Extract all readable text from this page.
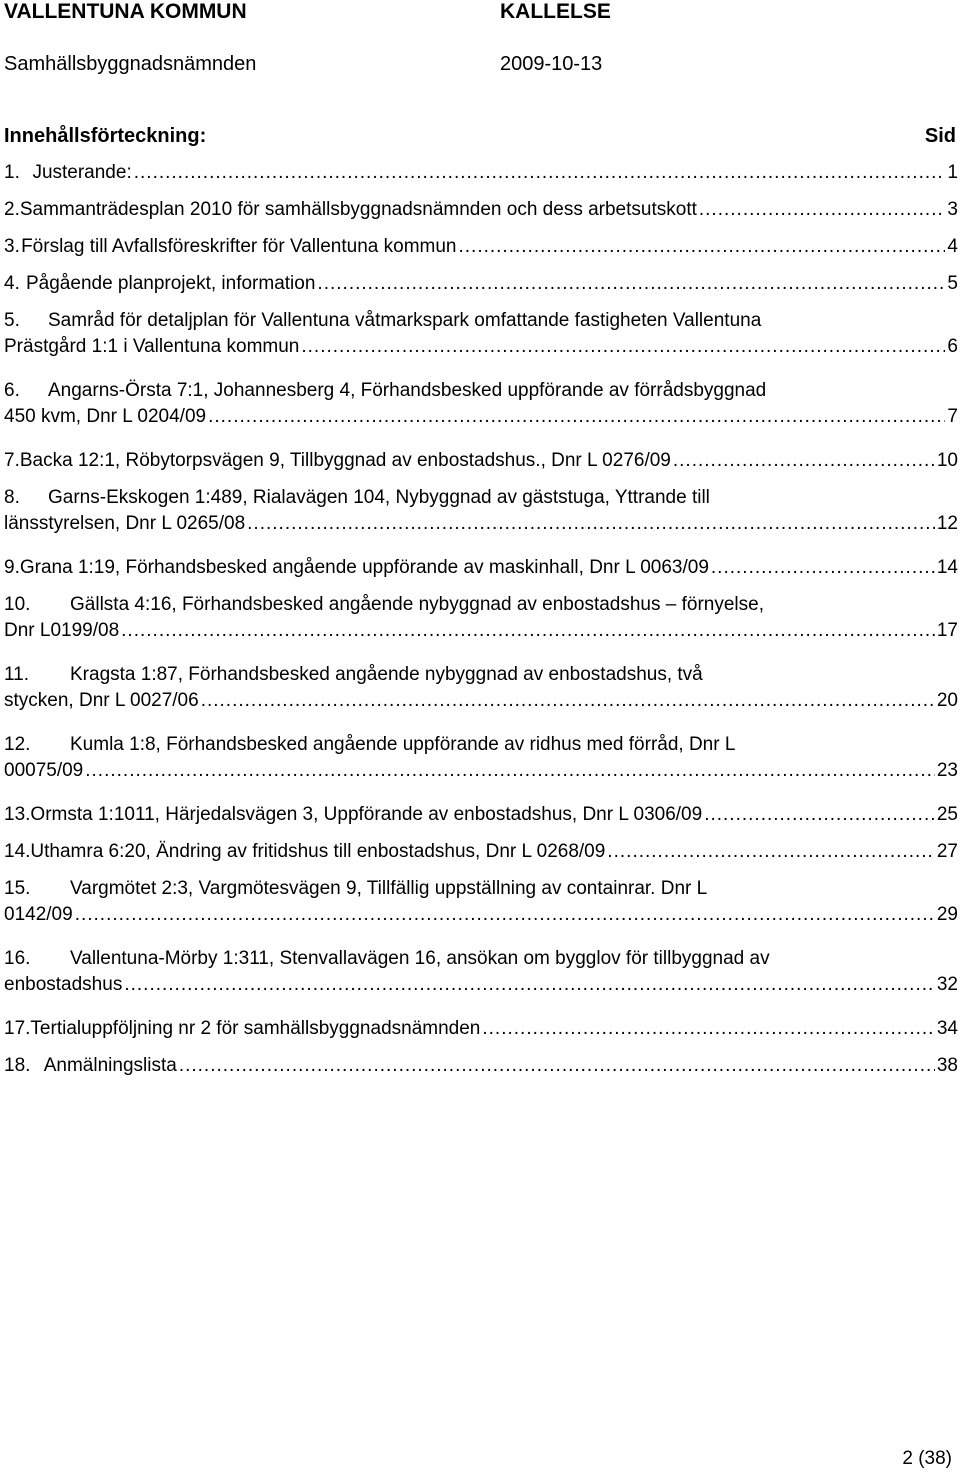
VALLENTUNA KOMMUN	KALLELSE
Samhällsbyggnadsnämnden	2009-10-13
Innehållsförteckning:	Sid
1. Justerande: .....	1
2. Sammanträdesplan 2010 för samhällsbyggnadsnämnden och dess arbetsutskott .....	3
3. Förslag till Avfallsföreskrifter för Vallentuna kommun .....	4
4. Pågående planprojekt, information .....	5
5. Samråd för detaljplan för Vallentuna våtmarkspark omfattande fastigheten Vallentuna
Prästgård 1:1 i Vallentuna kommun .....	6
6. Angarns-Örsta 7:1, Johannesberg 4, Förhandsbesked uppförande av förrådsbyggnad
450 kvm, Dnr L 0204/09 .....	7
7. Backa 12:1, Röbytorpsvägen 9, Tillbyggnad av enbostadshus., Dnr L 0276/09 .....	10
8. Garns-Ekskogen 1:489, Rialavägen 104, Nybyggnad av gäststuga, Yttrande till
länsstyrelsen, Dnr L 0265/08 .....	12
9. Grana 1:19, Förhandsbesked angående uppförande av maskinhall, Dnr L 0063/09 .....	14
10. Gällsta 4:16, Förhandsbesked angående nybyggnad av enbostadshus – förnyelse,
Dnr L0199/08 .....	17
11. Kragsta 1:87, Förhandsbesked angående nybyggnad av enbostadshus, två
stycken, Dnr L 0027/06 .....	20
12. Kumla 1:8, Förhandsbesked angående uppförande av ridhus med förråd, Dnr L
00075/09 .....	23
13. Ormsta 1:1011, Härjedalsvägen 3, Uppförande av enbostadshus, Dnr L 0306/09 .....	25
14. Uthamra 6:20, Ändring av fritidshus till enbostadshus, Dnr L 0268/09 .....	27
15. Vargmötet 2:3, Vargmötesvägen 9, Tillfällig uppställning av containrar. Dnr L
0142/09 .....	29
16. Vallentuna-Mörby 1:311, Stenvallavägen 16, ansökan om bygglov för tillbyggnad av
enbostadshus .....	32
17. Tertialuppföljning nr 2 för samhällsbyggnadsnämnden .....	34
18. Anmälningslista .....	38
2 (38)
